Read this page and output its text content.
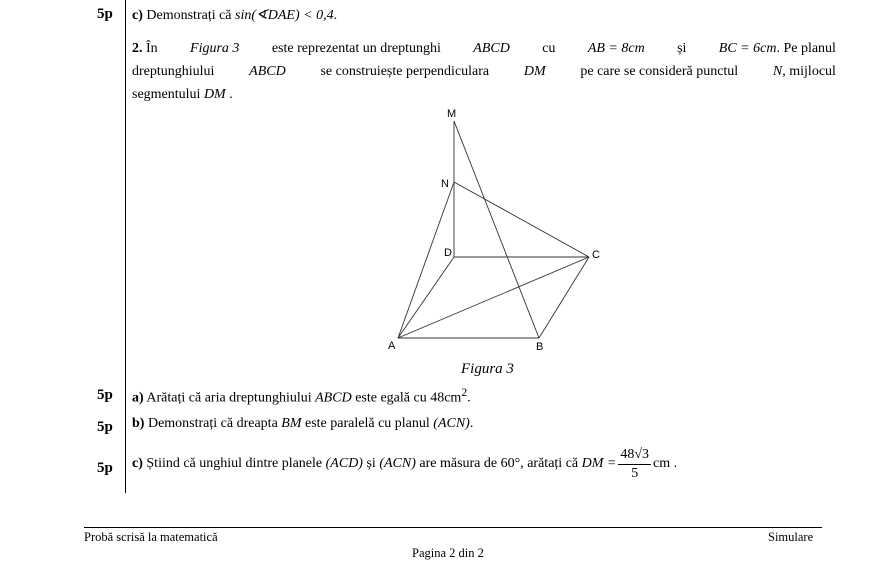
5p c) Demonstrați că sin(∢DAE) < 0,4.
2. În Figura 3 este reprezentat un dreptunghi ABCD cu AB = 8cm și BC = 6cm. Pe planul
dreptunghiului ABCD se construiește perpendiculara DM pe care se consideră punctul N, mijlocul
segmentului DM .
M
N
D	C
A	B
Figura 3
5p a) Arătați că aria dreptunghiului ABCD este egală cu $48cm^2$.
5p b) Demonstrați că dreapta BM este paralelă cu planul (ACN).
5p c)
Știind că unghiul dintre planele
(ACD)
și
(ACN)
are măsura de
60° , arătați că
DM = $\frac{48√3}{5}$ cm .
Probă scrisă la matematică	Simulare
Pagina 2 din 2
